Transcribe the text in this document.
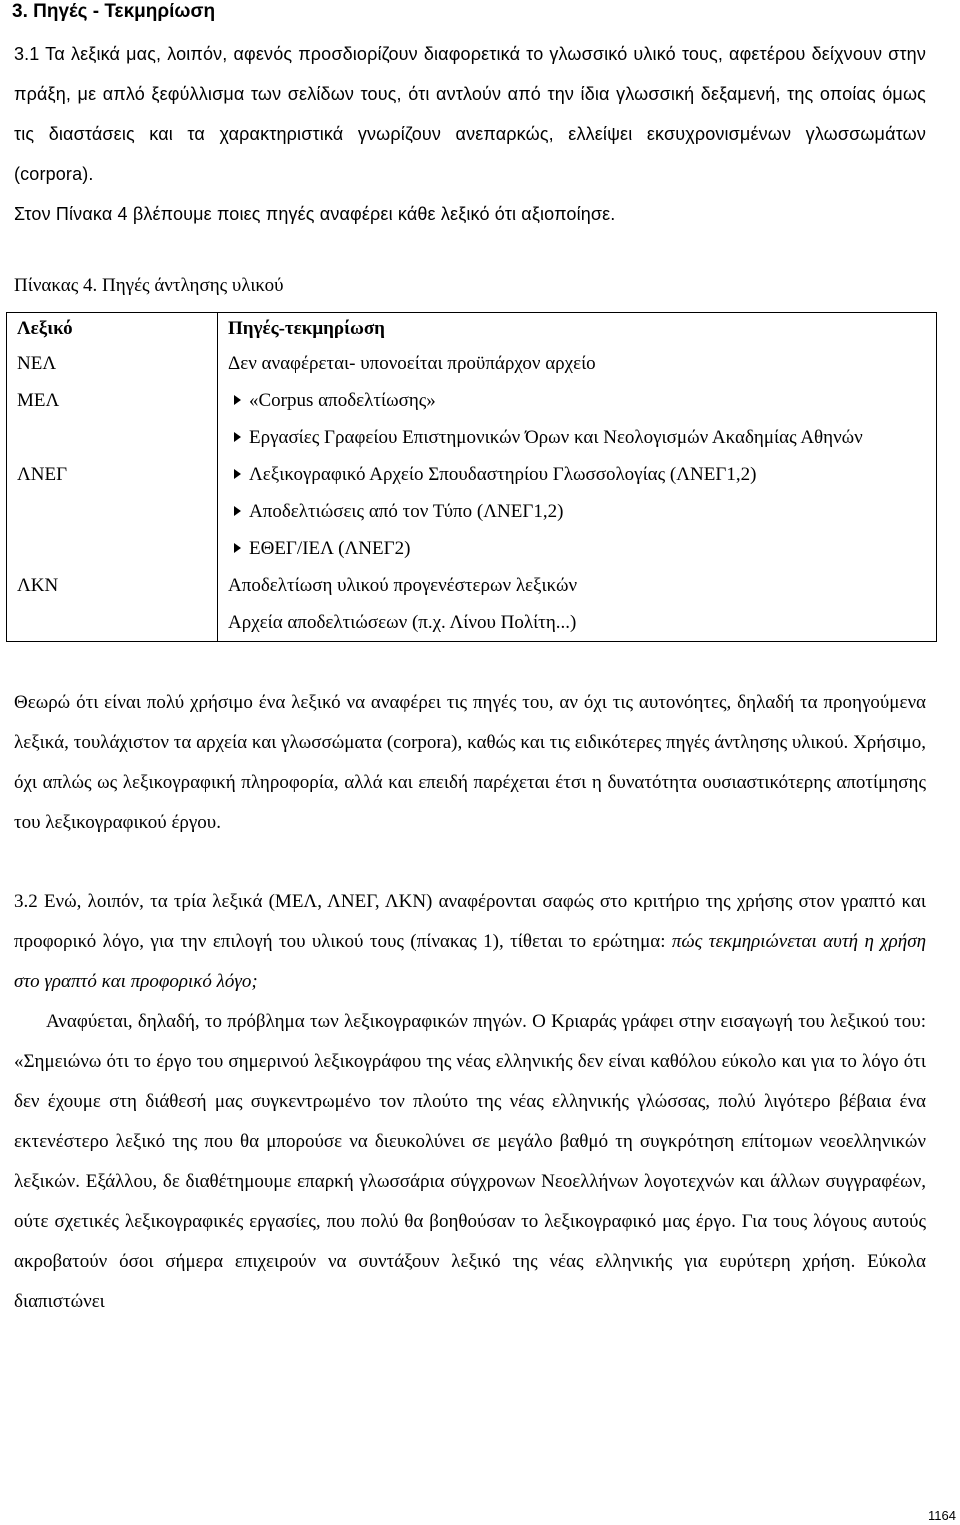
3. Πηγές - Τεκμηρίωση

3.1 Τα λεξικά μας, λοιπόν, αφενός προσδιορίζουν διαφορετικά το γλωσσικό υλικό τους, αφετέρου δείχνουν στην πράξη, με απλό ξεφύλλισμα των σελίδων τους, ότι αντλούν από την ίδια γλωσσική δεξαμενή, της οποίας όμως τις διαστάσεις και τα χαρακτηριστικά γνωρίζουν ανεπαρκώς, ελλείψει εκσυχρονισμένων γλωσσωμάτων (corpora).

Στον Πίνακα 4 βλέπουμε ποιες πηγές αναφέρει κάθε λεξικό ότι αξιοποίησε.

Πίνακας 4. Πηγές άντλησης υλικού

Λεξικό	Πηγές-τεκμηρίωση

ΝΕΛ	Δεν αναφέρεται- υπονοείται προϋπάρχον αρχείο

ΜΕΛ	«Corpus αποδελτίωσης»
Εργασίες Γραφείου Επιστημονικών Όρων και Νεολογισμών Ακαδημίας Αθηνών

ΛΝΕΓ	Λεξικογραφικό Αρχείο Σπουδαστηρίου Γλωσσολογίας (ΛΝΕΓ1,2)
Αποδελτιώσεις από τον Τύπο (ΛΝΕΓ1,2)
ΕΘΕΓ/ΙΕΛ (ΛΝΕΓ2)

ΛΚΝ	Αποδελτίωση υλικού προγενέστερων λεξικών
Αρχεία αποδελτιώσεων (π.χ. Λίνου Πολίτη...)

Θεωρώ ότι είναι πολύ χρήσιμο ένα λεξικό να αναφέρει τις πηγές του, αν όχι τις αυτονόητες, δηλαδή τα προηγούμενα λεξικά, τουλάχιστον τα αρχεία και γλωσσώματα (corpora), καθώς και τις ειδικότερες πηγές άντλησης υλικού. Χρήσιμο, όχι απλώς ως λεξικογραφική πληροφορία, αλλά και επειδή παρέχεται έτσι η δυνατότητα ουσιαστικότερης αποτίμησης του λεξικογραφικού έργου.

3.2 Ενώ, λοιπόν, τα τρία λεξικά (ΜΕΛ, ΛΝΕΓ, ΛΚΝ) αναφέρονται σαφώς στο κριτήριο της χρήσης στον γραπτό και προφορικό λόγο, για την επιλογή του υλικού τους (πίνακας 1), τίθεται το ερώτημα: πώς τεκμηριώνεται αυτή η χρήση στο γραπτό και προφορικό λόγο;

Αναφύεται, δηλαδή, το πρόβλημα των λεξικογραφικών πηγών. Ο Κριαράς γράφει στην εισαγωγή του λεξικού του: «Σημειώνω ότι το έργο του σημερινού λεξικογράφου της νέας ελληνικής δεν είναι καθόλου εύκολο και για το λόγο ότι δεν έχουμε στη διάθεσή μας συγκεντρωμένο τον πλούτο της νέας ελληνικής γλώσσας, πολύ λιγότερο βέβαια ένα εκτενέστερο λεξικό της που θα μπορούσε να διευκολύνει σε μεγάλο βαθμό τη συγκρότηση επίτομων νεοελληνικών λεξικών. Εξάλλου, δε διαθέτημουμε επαρκή γλωσσάρια σύγχρονων Νεοελλήνων λογοτεχνών και άλλων συγγραφέων, ούτε σχετικές λεξικογραφικές εργασίες, που πολύ θα βοηθούσαν το λεξικογραφικό μας έργο. Για τους λόγους αυτούς ακροβατούν όσοι σήμερα επιχειρούν να συντάξουν λεξικό της νέας ελληνικής για ευρύτερη χρήση. Εύκολα διαπιστώνει

1164
